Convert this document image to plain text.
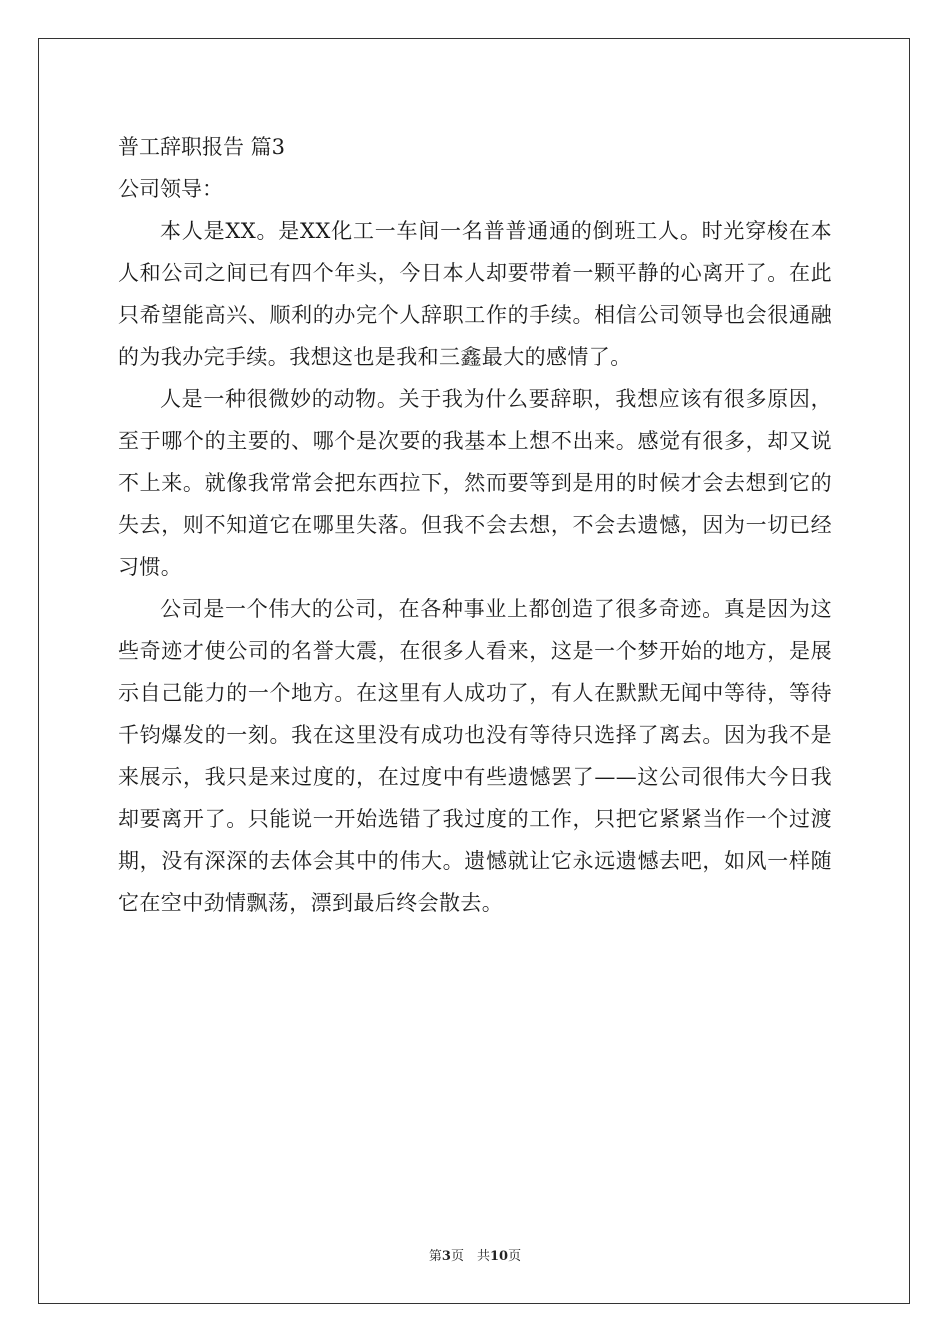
普工辞职报告 篇3

公司领导：

本人是XX。是XX化工一车间一名普普通通的倒班工人。时光穿梭在本人和公司之间已有四个年头，今日本人却要带着一颗平静的心离开了。在此只希望能高兴、顺利的办完个人辞职工作的手续。相信公司领导也会很通融的为我办完手续。我想这也是我和三鑫最大的感情了。

人是一种很微妙的动物。关于我为什么要辞职，我想应该有很多原因，至于哪个的主要的、哪个是次要的我基本上想不出来。感觉有很多，却又说不上来。就像我常常会把东西拉下，然而要等到是用的时候才会去想到它的失去，则不知道它在哪里失落。但我不会去想，不会去遗憾，因为一切已经习惯。

公司是一个伟大的公司，在各种事业上都创造了很多奇迹。真是因为这些奇迹才使公司的名誉大震，在很多人看来，这是一个梦开始的地方，是展示自己能力的一个地方。在这里有人成功了，有人在默默无闻中等待，等待千钧爆发的一刻。我在这里没有成功也没有等待只选择了离去。因为我不是来展示，我只是来过度的，在过度中有些遗憾罢了——这公司很伟大今日我却要离开了。只能说一开始选错了我过度的工作，只把它紧紧当作一个过渡期，没有深深的去体会其中的伟大。遗憾就让它永远遗憾去吧，如风一样随它在空中劲情飘荡，漂到最后终会散去。

第3页　共10页
